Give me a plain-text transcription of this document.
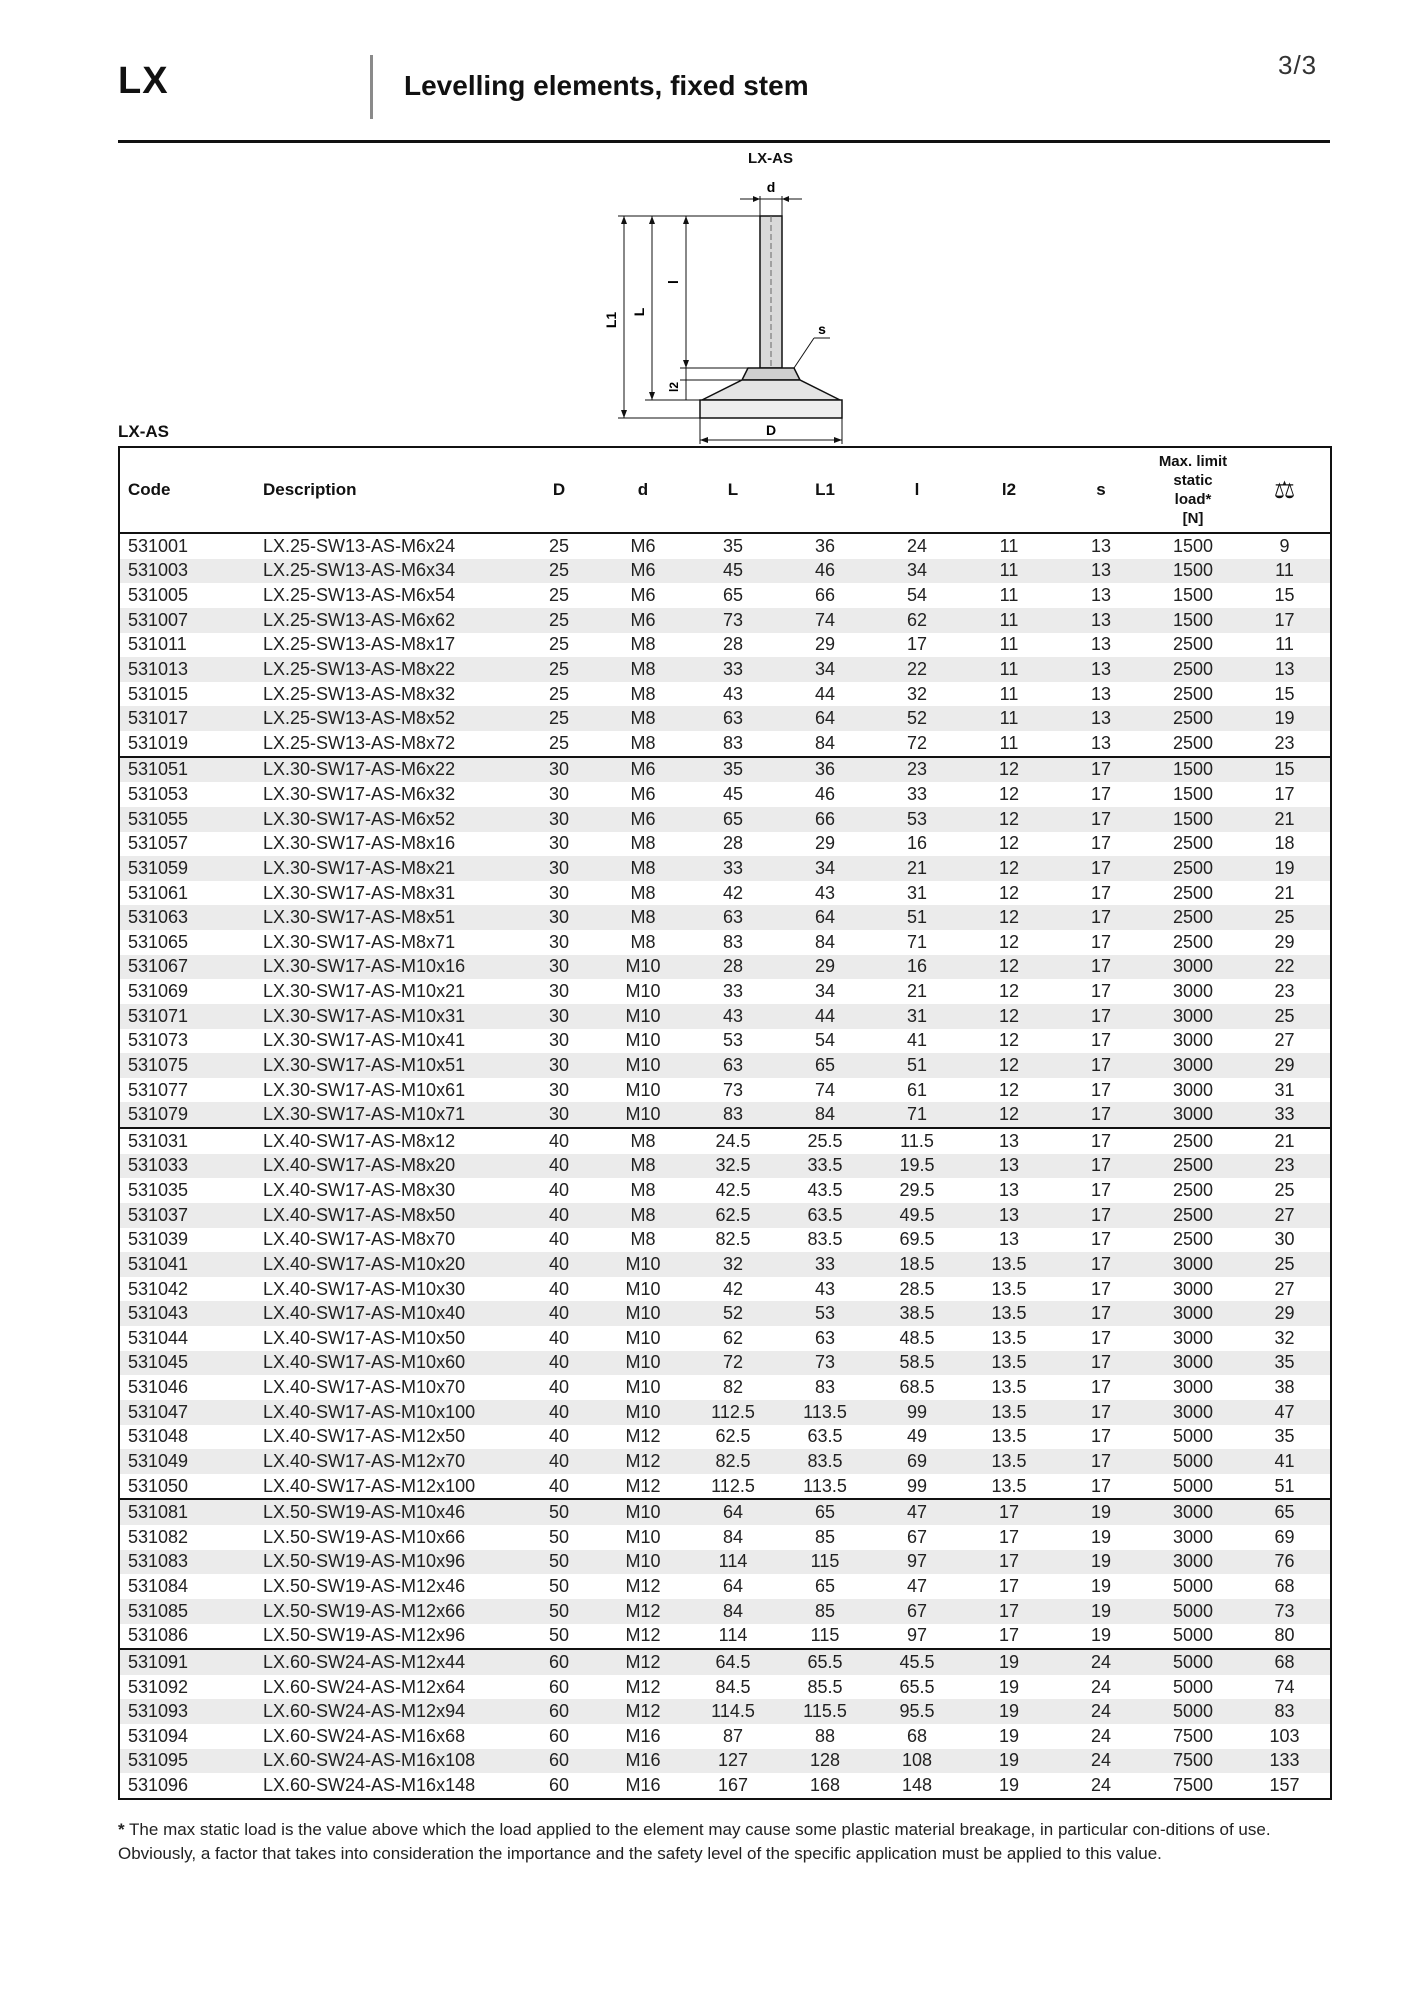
LX	Levelling elements, fixed stem
3/3
LX-AS
d
L1 L
l
l2
s
D
LX-AS
Code	Description	D	d	L	L1	l	l2	s	Max. limit
static
load*
[N]	⚖
531001	LX.25-SW13-AS-M6x24	25	M6	35	36	24	11	13	1500	9
531003	LX.25-SW13-AS-M6x34	25	M6	45	46	34	11	13	1500	11
531005	LX.25-SW13-AS-M6x54	25	M6	65	66	54	11	13	1500	15
531007	LX.25-SW13-AS-M6x62	25	M6	73	74	62	11	13	1500	17
531011	LX.25-SW13-AS-M8x17	25	M8	28	29	17	11	13	2500	11
531013	LX.25-SW13-AS-M8x22	25	M8	33	34	22	11	13	2500	13
531015	LX.25-SW13-AS-M8x32	25	M8	43	44	32	11	13	2500	15
531017	LX.25-SW13-AS-M8x52	25	M8	63	64	52	11	13	2500	19
531019	LX.25-SW13-AS-M8x72	25	M8	83	84	72	11	13	2500	23
531051	LX.30-SW17-AS-M6x22	30	M6	35	36	23	12	17	1500	15
531053	LX.30-SW17-AS-M6x32	30	M6	45	46	33	12	17	1500	17
531055	LX.30-SW17-AS-M6x52	30	M6	65	66	53	12	17	1500	21
531057	LX.30-SW17-AS-M8x16	30	M8	28	29	16	12	17	2500	18
531059	LX.30-SW17-AS-M8x21	30	M8	33	34	21	12	17	2500	19
531061	LX.30-SW17-AS-M8x31	30	M8	42	43	31	12	17	2500	21
531063	LX.30-SW17-AS-M8x51	30	M8	63	64	51	12	17	2500	25
531065	LX.30-SW17-AS-M8x71	30	M8	83	84	71	12	17	2500	29
531067	LX.30-SW17-AS-M10x16	30	M10	28	29	16	12	17	3000	22
531069	LX.30-SW17-AS-M10x21	30	M10	33	34	21	12	17	3000	23
531071	LX.30-SW17-AS-M10x31	30	M10	43	44	31	12	17	3000	25
531073	LX.30-SW17-AS-M10x41	30	M10	53	54	41	12	17	3000	27
531075	LX.30-SW17-AS-M10x51	30	M10	63	65	51	12	17	3000	29
531077	LX.30-SW17-AS-M10x61	30	M10	73	74	61	12	17	3000	31
531079	LX.30-SW17-AS-M10x71	30	M10	83	84	71	12	17	3000	33
531031	LX.40-SW17-AS-M8x12	40	M8	24.5	25.5	11.5	13	17	2500	21
531033	LX.40-SW17-AS-M8x20	40	M8	32.5	33.5	19.5	13	17	2500	23
531035	LX.40-SW17-AS-M8x30	40	M8	42.5	43.5	29.5	13	17	2500	25
531037	LX.40-SW17-AS-M8x50	40	M8	62.5	63.5	49.5	13	17	2500	27
531039	LX.40-SW17-AS-M8x70	40	M8	82.5	83.5	69.5	13	17	2500	30
531041	LX.40-SW17-AS-M10x20	40	M10	32	33	18.5	13.5	17	3000	25
531042	LX.40-SW17-AS-M10x30	40	M10	42	43	28.5	13.5	17	3000	27
531043	LX.40-SW17-AS-M10x40	40	M10	52	53	38.5	13.5	17	3000	29
531044	LX.40-SW17-AS-M10x50	40	M10	62	63	48.5	13.5	17	3000	32
531045	LX.40-SW17-AS-M10x60	40	M10	72	73	58.5	13.5	17	3000	35
531046	LX.40-SW17-AS-M10x70	40	M10	82	83	68.5	13.5	17	3000	38
531047	LX.40-SW17-AS-M10x100	40	M10	112.5	113.5	99	13.5	17	3000	47
531048	LX.40-SW17-AS-M12x50	40	M12	62.5	63.5	49	13.5	17	5000	35
531049	LX.40-SW17-AS-M12x70	40	M12	82.5	83.5	69	13.5	17	5000	41
531050	LX.40-SW17-AS-M12x100	40	M12	112.5	113.5	99	13.5	17	5000	51
531081	LX.50-SW19-AS-M10x46	50	M10	64	65	47	17	19	3000	65
531082	LX.50-SW19-AS-M10x66	50	M10	84	85	67	17	19	3000	69
531083	LX.50-SW19-AS-M10x96	50	M10	114	115	97	17	19	3000	76
531084	LX.50-SW19-AS-M12x46	50	M12	64	65	47	17	19	5000	68
531085	LX.50-SW19-AS-M12x66	50	M12	84	85	67	17	19	5000	73
531086	LX.50-SW19-AS-M12x96	50	M12	114	115	97	17	19	5000	80
531091	LX.60-SW24-AS-M12x44	60	M12	64.5	65.5	45.5	19	24	5000	68
531092	LX.60-SW24-AS-M12x64	60	M12	84.5	85.5	65.5	19	24	5000	74
531093	LX.60-SW24-AS-M12x94	60	M12	114.5	115.5	95.5	19	24	5000	83
531094	LX.60-SW24-AS-M16x68	60	M16	87	88	68	19	24	7500	103
531095	LX.60-SW24-AS-M16x108	60	M16	127	128	108	19	24	7500	133
531096	LX.60-SW24-AS-M16x148	60	M16	167	168	148	19	24	7500	157
* The max static load is the value above which the load applied to the element may cause some plastic material breakage, in particular con-ditions of use. Obviously, a factor that takes into consideration the importance and the safety level of the specific application must be applied to this value.
